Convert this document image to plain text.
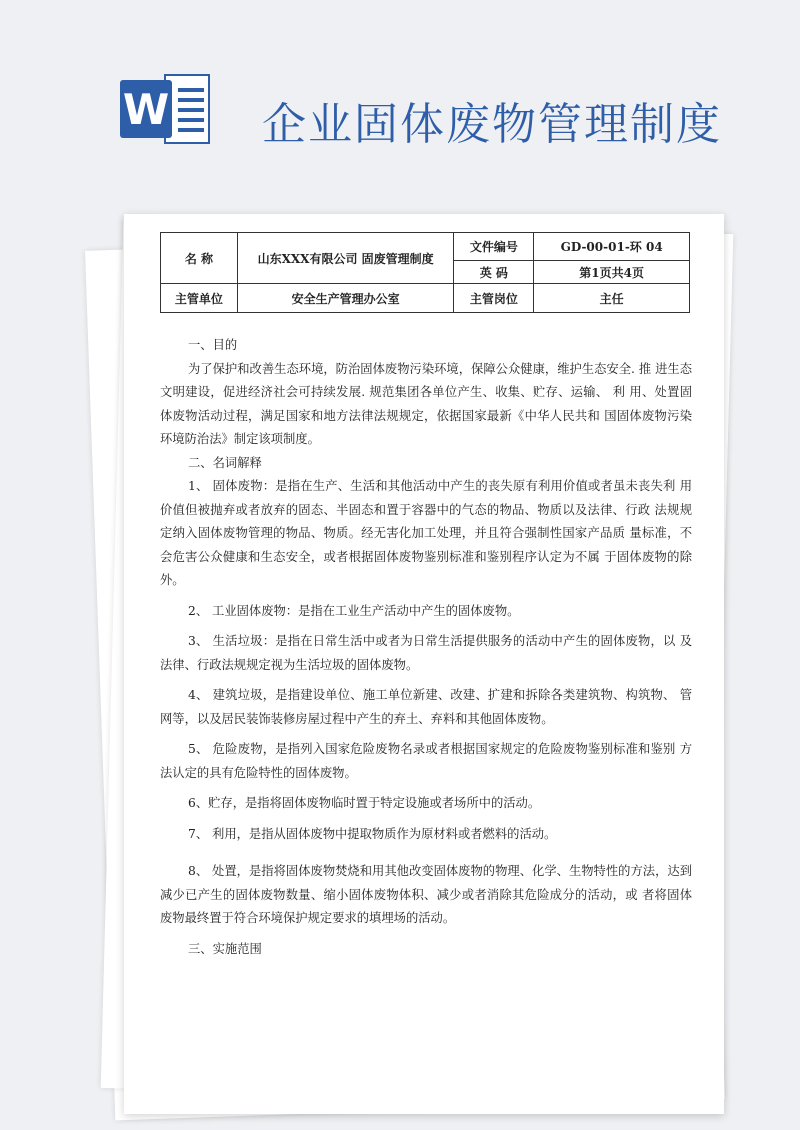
W 企业固体废物管理制度
名 称	山东XXX有限公司 固废管理制度	文件编号	GD-00-01-环 04
		英 码	第1页共4页
主管单位	安全生产管理办公室	主管岗位	主任

一、目的

为了保护和改善生态环境，防治固体废物污染环境，保障公众健康，维护生态安全. 推 进生态文明建设，促进经济社会可持续发展. 规范集团各单位产生、收集、贮存、运输、 利 用、处置固体废物活动过程，满足国家和地方法律法规规定，依据国家最新《中华人民共和 国固体废物污染环境防治法》制定该项制度。

二、名词解释

1、 固体废物：是指在生产、生活和其他活动中产生的丧失原有利用价值或者虽未丧失利 用价值但被抛弃或者放弃的固态、半固态和置于容器中的气态的物品、物质以及法律、行政 法规规定纳入固体废物管理的物品、物质。经无害化加工处理，并且符合强制性国家产品质 量标准，不会危害公众健康和生态安全，或者根据固体废物鉴别标准和鉴别程序认定为不属 于固体废物的除外。

2、 工业固体废物：是指在工业生产活动中产生的固体废物。

3、 生活垃圾：是指在日常生活中或者为日常生活提供服务的活动中产生的固体废物，以 及法律、行政法规规定视为生活垃圾的固体废物。

4、 建筑垃圾，是指建设单位、施工单位新建、改建、扩建和拆除各类建筑物、构筑物、 管网等，以及居民装饰装修房屋过程中产生的弃土、弃料和其他固体废物。

5、 危险废物，是指列入国家危险废物名录或者根据国家规定的危险废物鉴别标准和鉴别 方法认定的具有危险特性的固体废物。

6、贮存，是指将固体废物临时置于特定设施或者场所中的活动。

7、 利用，是指从固体废物中提取物质作为原材料或者燃料的活动。

8、 处置，是指将固体废物焚烧和用其他改变固体废物的物理、化学、生物特性的方法，达到减少已产生的固体废物数量、缩小固体废物体积、减少或者消除其危险成分的活动，或 者将固体废物最终置于符合环境保护规定要求的填埋场的活动。

三、实施范围
